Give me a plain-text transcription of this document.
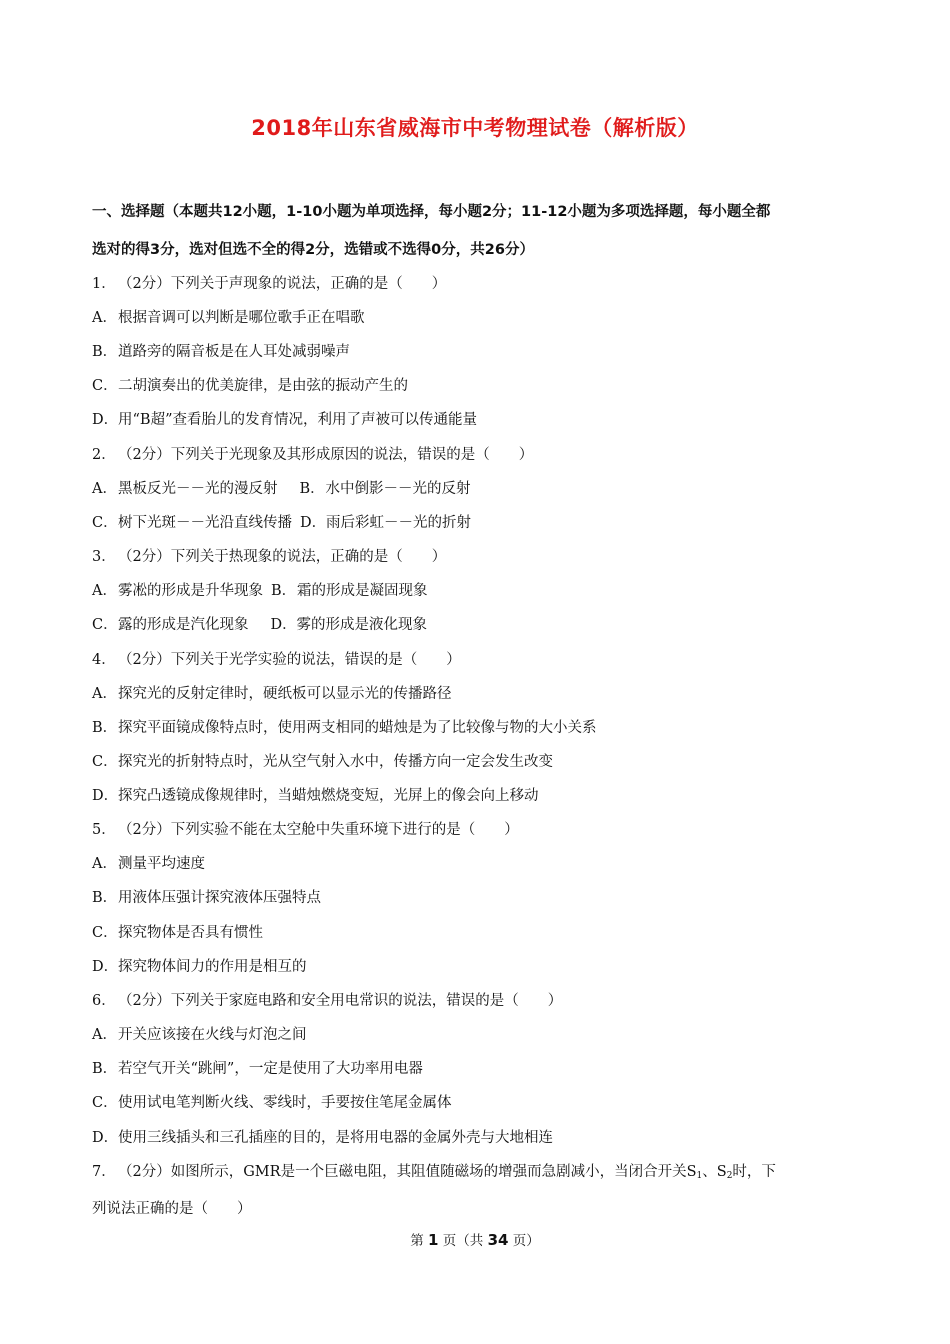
2018年山东省威海市中考物理试卷（解析版）
一、选择题（本题共12小题，1-10小题为单项选择，每小题2分；11-12小题为多项选择题，每小题全都
选对的得3分，选对但选不全的得2分，选错或不选得0分，共26分）
1． （2分）下列关于声现象的说法，正确的是（　　）
A．根据音调可以判断是哪位歌手正在唱歌
B．道路旁的隔音板是在人耳处减弱噪声
C．二胡演奏出的优美旋律，是由弦的振动产生的
D．用“B超”查看胎儿的发育情况，利用了声被可以传通能量
2． （2分）下列关于光现象及其形成原因的说法，错误的是（　　）
A．黑板反光－－光的漫反射 B．水中倒影－－光的反射
C．树下光斑－－光沿直线传播 D．雨后彩虹－－光的折射
3． （2分）下列关于热现象的说法，正确的是（　　）
A．雾凇的形成是升华现象 B．霜的形成是凝固现象
C．露的形成是汽化现象 D．雾的形成是液化现象
4． （2分）下列关于光学实验的说法，错误的是（　　）
A．探究光的反射定律时，硬纸板可以显示光的传播路径
B．探究平面镜成像特点时，使用两支相同的蜡烛是为了比较像与物的大小关系
C．探究光的折射特点时，光从空气射入水中，传播方向一定会发生改变
D．探究凸透镜成像规律时，当蜡烛燃烧变短，光屏上的像会向上移动
5． （2分）下列实验不能在太空舱中失重环境下进行的是（　　）
A．测量平均速度
B．用液体压强计探究液体压强特点
C．探究物体是否具有惯性
D．探究物体间力的作用是相互的
6． （2分）下列关于家庭电路和安全用电常识的说法，错误的是（　　）
A．开关应该接在火线与灯泡之间
B．若空气开关“跳闸”，一定是使用了大功率用电器
C．使用试电笔判断火线、零线时，手要按住笔尾金属体
D．使用三线插头和三孔插座的目的，是将用电器的金属外壳与大地相连
7． （2分）如图所示，GMR是一个巨磁电阻，其阻值随磁场的增强而急剧减小，当闭合开关$S_1$、$S_2$时，下
列说法正确的是（　　）
第 1 页（共 34 页）
